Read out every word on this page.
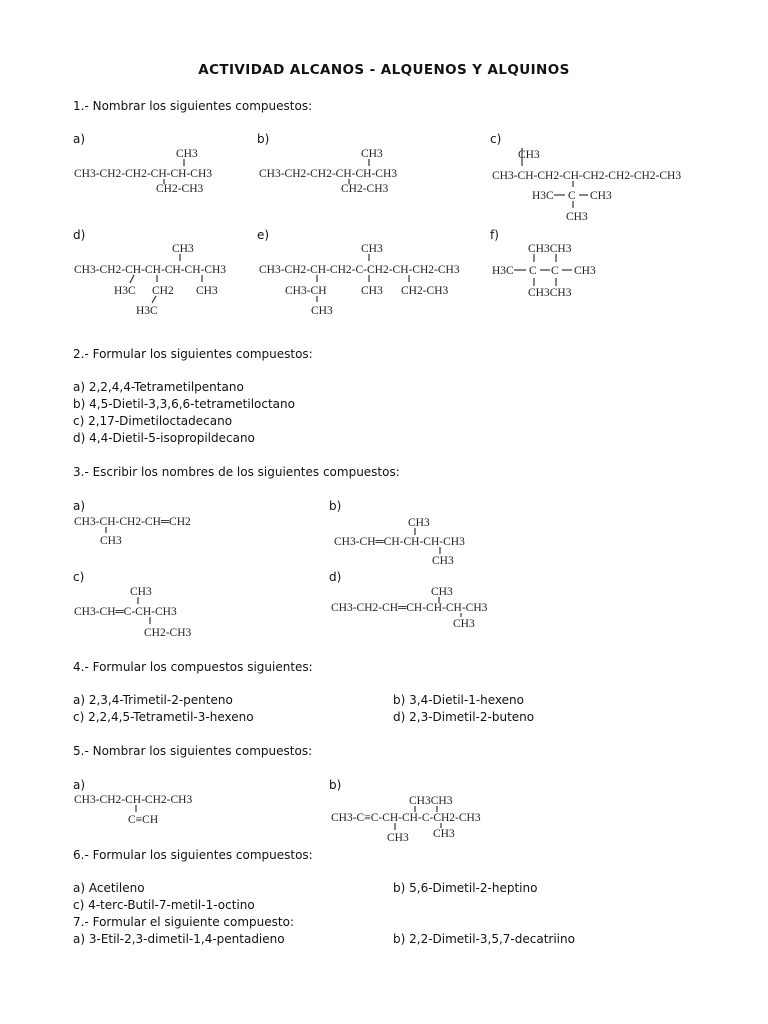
ACTIVIDAD ALCANOS - ALQUENOS Y ALQUINOS
1.- Nombrar los siguientes compuestos:
a)
CH3
CH3-CH2-CH2-CH-CH-CH3
CH2-CH3
b)
CH3
CH3-CH2-CH2-CH-CH-CH3
CH2-CH3
c)
CH3
CH3-CH-CH2-CH-CH2-CH2-CH2-CH3
H3C C CH3
CH3
d)
CH3
CH3-CH2-CH-CH-CH-CH-CH3
H3C CH2 CH3
H3C
e)
CH3
CH3-CH2-CH-CH2-C-CH2-CH-CH2-CH3
CH3-CH	CH3 CH2-CH3
CH3
f)
CH3CH3
H3C C C CH3
CH3CH3
2.- Formular los siguientes compuestos:
a) 2,2,4,4-Tetrametilpentano
b) 4,5-Dietil-3,3,6,6-tetrametiloctano
c) 2,17-Dimetiloctadecano
d) 4,4-Dietil-5-isopropildecano
3.- Escribir los nombres de los siguientes compuestos:
a)
CH3-CH-CH2-CH═CH2
CH3
b)
CH3
CH3-CH═CH-CH-CH-CH3
CH3
c)
CH3
CH3-CH═C-CH-CH3
CH2-CH3
d)
CH3
CH3-CH2-CH═CH-CH-CH-CH3
CH3
4.- Formular los compuestos siguientes:
a) 2,3,4-Trimetil-2-penteno	b) 3,4-Dietil-1-hexeno
c) 2,2,4,5-Tetrametil-3-hexeno	d) 2,3-Dimetil-2-buteno
5.- Nombrar los siguientes compuestos:
a)
CH3-CH2-CH-CH2-CH3
C≡CH
b)
CH3CH3
CH3-C≡C-CH-CH-C-CH2-CH3
CH3 CH3
6.- Formular los siguientes compuestos:
a) Acetileno	b) 5,6-Dimetil-2-heptino
c) 4-terc-Butil-7-metil-1-octino
7.- Formular el siguiente compuesto:
a) 3-Etil-2,3-dimetil-1,4-pentadieno	b) 2,2-Dimetil-3,5,7-decatriino
